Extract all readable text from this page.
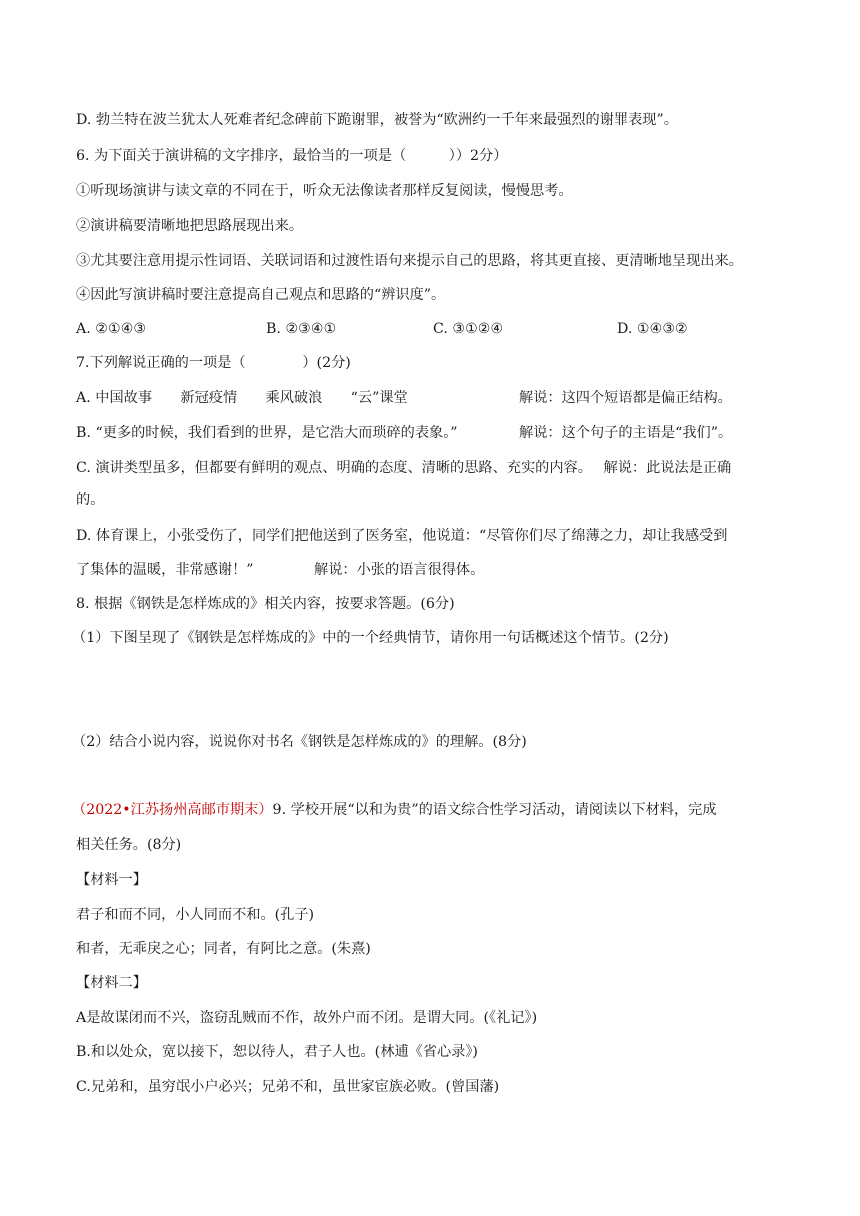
D. 勃兰特在波兰犹太人死难者纪念碑前下跪谢罪，被誉为“欧洲约一千年来最强烈的谢罪表现”。
6. 为下面关于演讲稿的文字排序，最恰当的一项是（　　　））2分）
①听现场演讲与读文章的不同在于，听众无法像读者那样反复阅读，慢慢思考。
②演讲稿要清晰地把思路展现出来。
③尤其要注意用提示性词语、关联词语和过渡性语句来提示自己的思路，将其更直接、更清晰地呈现出来。
④因此写演讲稿时要注意提高自己观点和思路的“辨识度”。
A. ②①④③	B. ②③④①	C. ③①②④	D. ①④③②
7.下列解说正确的一项是（　　　　）(2分)
A. 中国故事　　新冠疫情　　乘风破浪　　“云”课堂	解说：这四个短语都是偏正结构。
B. “更多的时候，我们看到的世界，是它浩大而琐碎的表象。”	解说：这个句子的主语是“我们”。
C. 演讲类型虽多，但都要有鲜明的观点、明确的态度、清晰的思路、充实的内容。　 解说：此说法是正确
的。
D. 体育课上，小张受伤了，同学们把他送到了医务室，他说道：“尽管你们尽了绵薄之力，却让我感受到
了集体的温暖，非常感谢！”	解说：小张的语言很得体。
8. 根据《钢铁是怎样炼成的》相关内容，按要求答题。(6分)
（1）下图呈现了《钢铁是怎样炼成的》中的一个经典情节，请你用一句话概述这个情节。(2分)
（2）结合小说内容，说说你对书名《钢铁是怎样炼成的》的理解。(8分)
（2022•江苏扬州高邮市期末）9. 学校开展“以和为贵”的语文综合性学习活动，请阅读以下材料，完成
相关任务。(8分)
【材料一】
君子和而不同，小人同而不和。(孔子)
和者，无乖戾之心；同者，有阿比之意。(朱熹)
【材料二】
A是故谋闭而不兴，盗窃乱贼而不作，故外户而不闭。是谓大同。(《礼记》)
B.和以处众，宽以接下，恕以待人，君子人也。(林逋《省心录》)
C.兄弟和，虽穷氓小户必兴；兄弟不和，虽世家宦族必败。(曾国藩)
